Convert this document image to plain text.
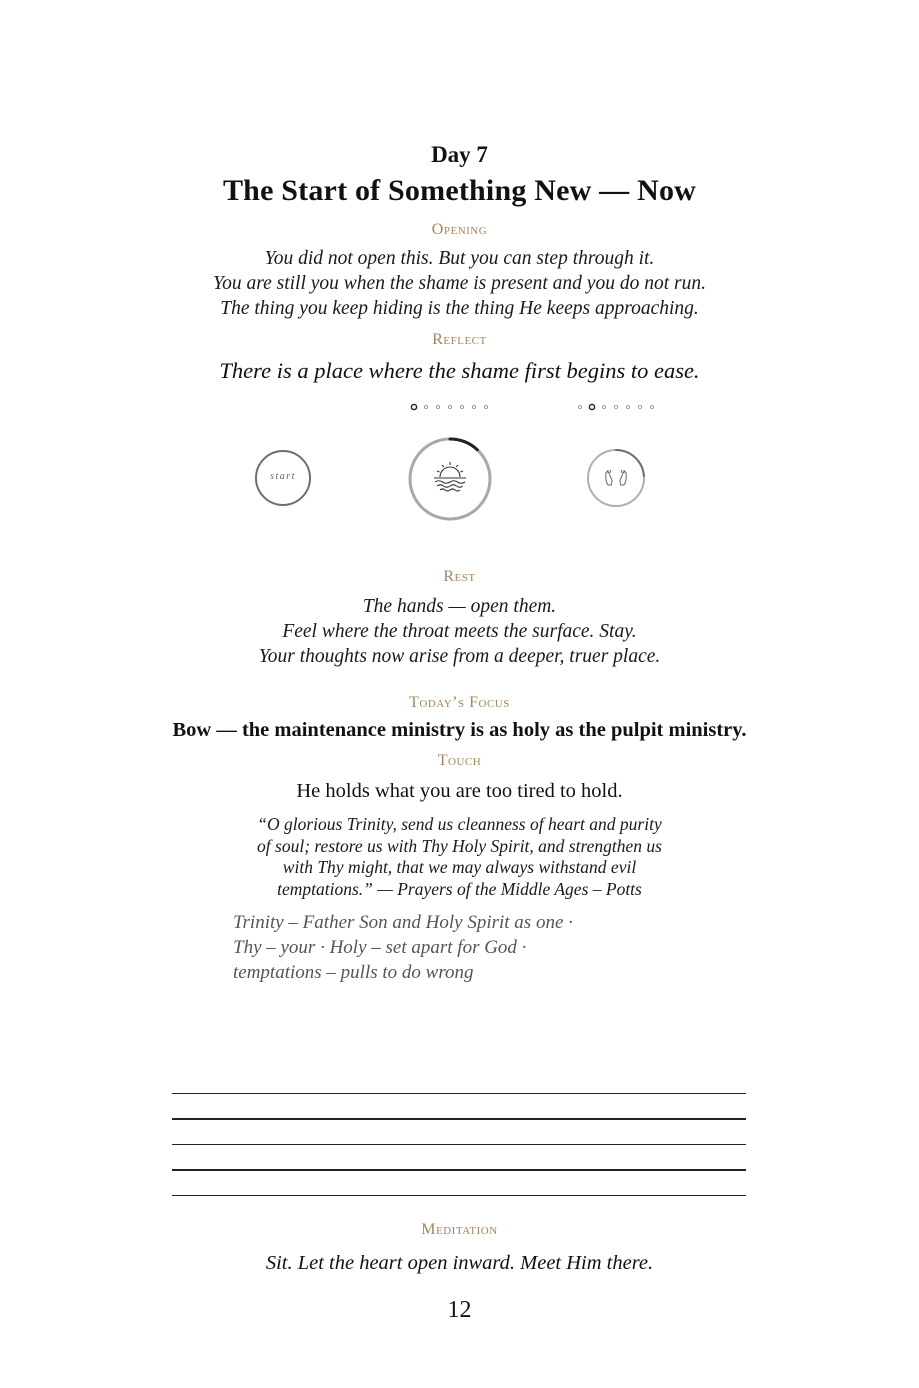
Day 7
The Start of Something New — Now
Opening
You did not open this. But you can step through it.
You are still you when the shame is present and you do not run.
The thing you keep hiding is the thing He keeps approaching.
Reflect
There is a place where the shame first begins to ease.
start
Rest
The hands — open them.
Feel where the throat meets the surface. Stay.
Your thoughts now arise from a deeper, truer place.
Today’s Focus
Bow — the maintenance ministry is as holy as the pulpit ministry.
Touch
He holds what you are too tired to hold.
“O glorious Trinity, send us cleanness of heart and purity
of soul; restore us with Thy Holy Spirit, and strengthen us
with Thy might, that we may always withstand evil
temptations.” — Prayers of the Middle Ages – Potts
Trinity – Father Son and Holy Spirit as one ·
Thy – your · Holy – set apart for God ·
temptations – pulls to do wrong
Meditation
Sit. Let the heart open inward. Meet Him there.
12
